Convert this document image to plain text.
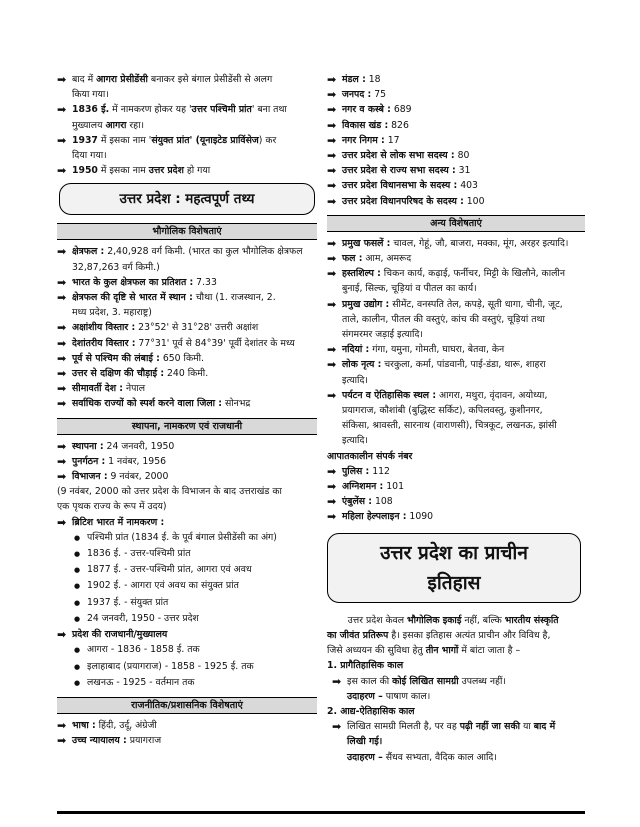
➡ बाद में आगरा प्रेसीडेंसी बनाकर इसे बंगाल प्रेसीडेंसी से अलग
किया गया।
➡ 1836 ई. में नामकरण होकर यह 'उत्तर पश्चिमी प्रांत' बना तथा
मुख्यालय आगरा रहा।
➡ 1937 में इसका नाम 'संयुक्त प्रांत' (यूनाइटेड प्राविंसेज) कर
दिया गया।
➡ 1950 में इसका नाम उत्तर प्रदेश हो गया
उत्तर प्रदेश : महत्वपूर्ण तथ्य
भौगोलिक विशेषताएं
➡ क्षेत्रफल : 2,40,928 वर्ग किमी. (भारत का कुल भौगोलिक क्षेत्रफल
32,87,263 वर्ग किमी.)
➡ भारत के कुल क्षेत्रफल का प्रतिशत : 7.33
➡ क्षेत्रफल की दृष्टि से भारत में स्थान : चौथा (1. राजस्थान, 2.
मध्य प्रदेश, 3. महाराष्ट्र)
➡ अक्षांशीय विस्तार : 23°52' से 31°28' उत्तरी अक्षांश
➡ देशांतरीय विस्तार : 77°31' पूर्व से 84°39' पूर्वी देशांतर के मध्य
➡ पूर्व से पश्चिम की लंबाई : 650 किमी.
➡ उत्तर से दक्षिण की चौड़ाई : 240 किमी.
➡ सीमावर्ती देश : नेपाल
➡ सर्वाधिक राज्यों को स्पर्श करने वाला जिला : सोनभद्र
स्थापना, नामकरण एवं राजधानी
➡ स्थापना : 24 जनवरी, 1950
➡ पुनर्गठन : 1 नवंबर, 1956
➡ विभाजन : 9 नवंबर, 2000
(9 नवंबर, 2000 को उत्तर प्रदेश के विभाजन के बाद उत्तराखंड का
एक पृथक राज्य के रूप में उदय)
➡ ब्रिटिश भारत में नामकरण :
● पश्चिमी प्रांत (1834 ई. के पूर्व बंगाल प्रेसीडेंसी का अंग)
● 1836 ई. - उत्तर-पश्चिमी प्रांत
● 1877 ई. - उत्तर-पश्चिमी प्रांत, आगरा एवं अवध
● 1902 ई. - आगरा एवं अवध का संयुक्त प्रांत
● 1937 ई. - संयुक्त प्रांत
● 24 जनवरी, 1950 - उत्तर प्रदेश
➡ प्रदेश की राजधानी/मुख्यालय
● आगरा - 1836 - 1858 ई. तक
● इलाहाबाद (प्रयागराज) - 1858 - 1925 ई. तक
● लखनऊ - 1925 - वर्तमान तक
राजनीतिक/प्रशासनिक विशेषताएं
➡ भाषा : हिंदी, उर्दू, अंग्रेजी
➡ उच्च न्यायालय : प्रयागराज
➡ मंडल : 18
➡ जनपद : 75
➡ नगर व कस्बे : 689
➡ विकास खंड : 826
➡ नगर निगम : 17
➡ उत्तर प्रदेश से लोक सभा सदस्य : 80
➡ उत्तर प्रदेश से राज्य सभा सदस्य : 31
➡ उत्तर प्रदेश विधानसभा के सदस्य : 403
➡ उत्तर प्रदेश विधानपरिषद के सदस्य : 100
अन्य विशेषताएं
➡ प्रमुख फसलें : चावल, गेहूं, जौ, बाजरा, मक्का, मूंग, अरहर इत्यादि।
➡ फल : आम, अमरूद
➡ हस्तशिल्प : चिकन कार्य, कढ़ाई, फर्नीचर, मिट्टी के खिलौने, कालीन
बुनाई, सिल्क, चूड़ियां व पीतल का कार्य।
➡ प्रमुख उद्योग : सीमेंट, वनस्पति तेल, कपड़े, सूती धागा, चीनी, जूट,
ताले, कालीन, पीतल की वस्तुएं, कांच की वस्तुएं, चूड़ियां तथा
संगमरमर जड़ाई इत्यादि।
➡ नदियां : गंगा, यमुना, गोमती, घाघरा, बेतवा, केन
➡ लोक नृत्य : चरकुला, कर्मा, पांडवानी, पाई-डंडा, थारू, शाहरा
इत्यादि।
➡ पर्यटन व ऐतिहासिक स्थल : आगरा, मथुरा, वृंदावन, अयोध्या,
प्रयागराज, कौशांबी (बुद्धिस्ट सर्किट), कपिलवस्तु, कुशीनगर,
संकिसा, श्रावस्ती, सारनाथ (वाराणसी), चित्रकूट, लखनऊ, झांसी
इत्यादि।
आपातकालीन संपर्क नंबर
➡ पुलिस : 112
➡ अग्निशमन : 101
➡ एंबुलेंस : 108
➡ महिला हेल्पलाइन : 1090
उत्तर प्रदेश का प्राचीन
इतिहास
उत्तर प्रदेश केवल भौगोलिक इकाई नहीं, बल्कि भारतीय संस्कृति
का जीवंत प्रतिरूप है। इसका इतिहास अत्यंत प्राचीन और विविध है,
जिसे अध्ययन की सुविधा हेतु तीन भागों में बांटा जाता है –
1. प्रागैतिहासिक काल
➡ इस काल की कोई लिखित सामग्री उपलब्ध नहीं।
उदाहरण – पाषाण काल।
2. आद्य-ऐतिहासिक काल
➡ लिखित सामग्री मिलती है, पर वह पढ़ी नहीं जा सकी या बाद में
लिखी गई।
उदाहरण – सैंधव सभ्यता, वैदिक काल आदि।
